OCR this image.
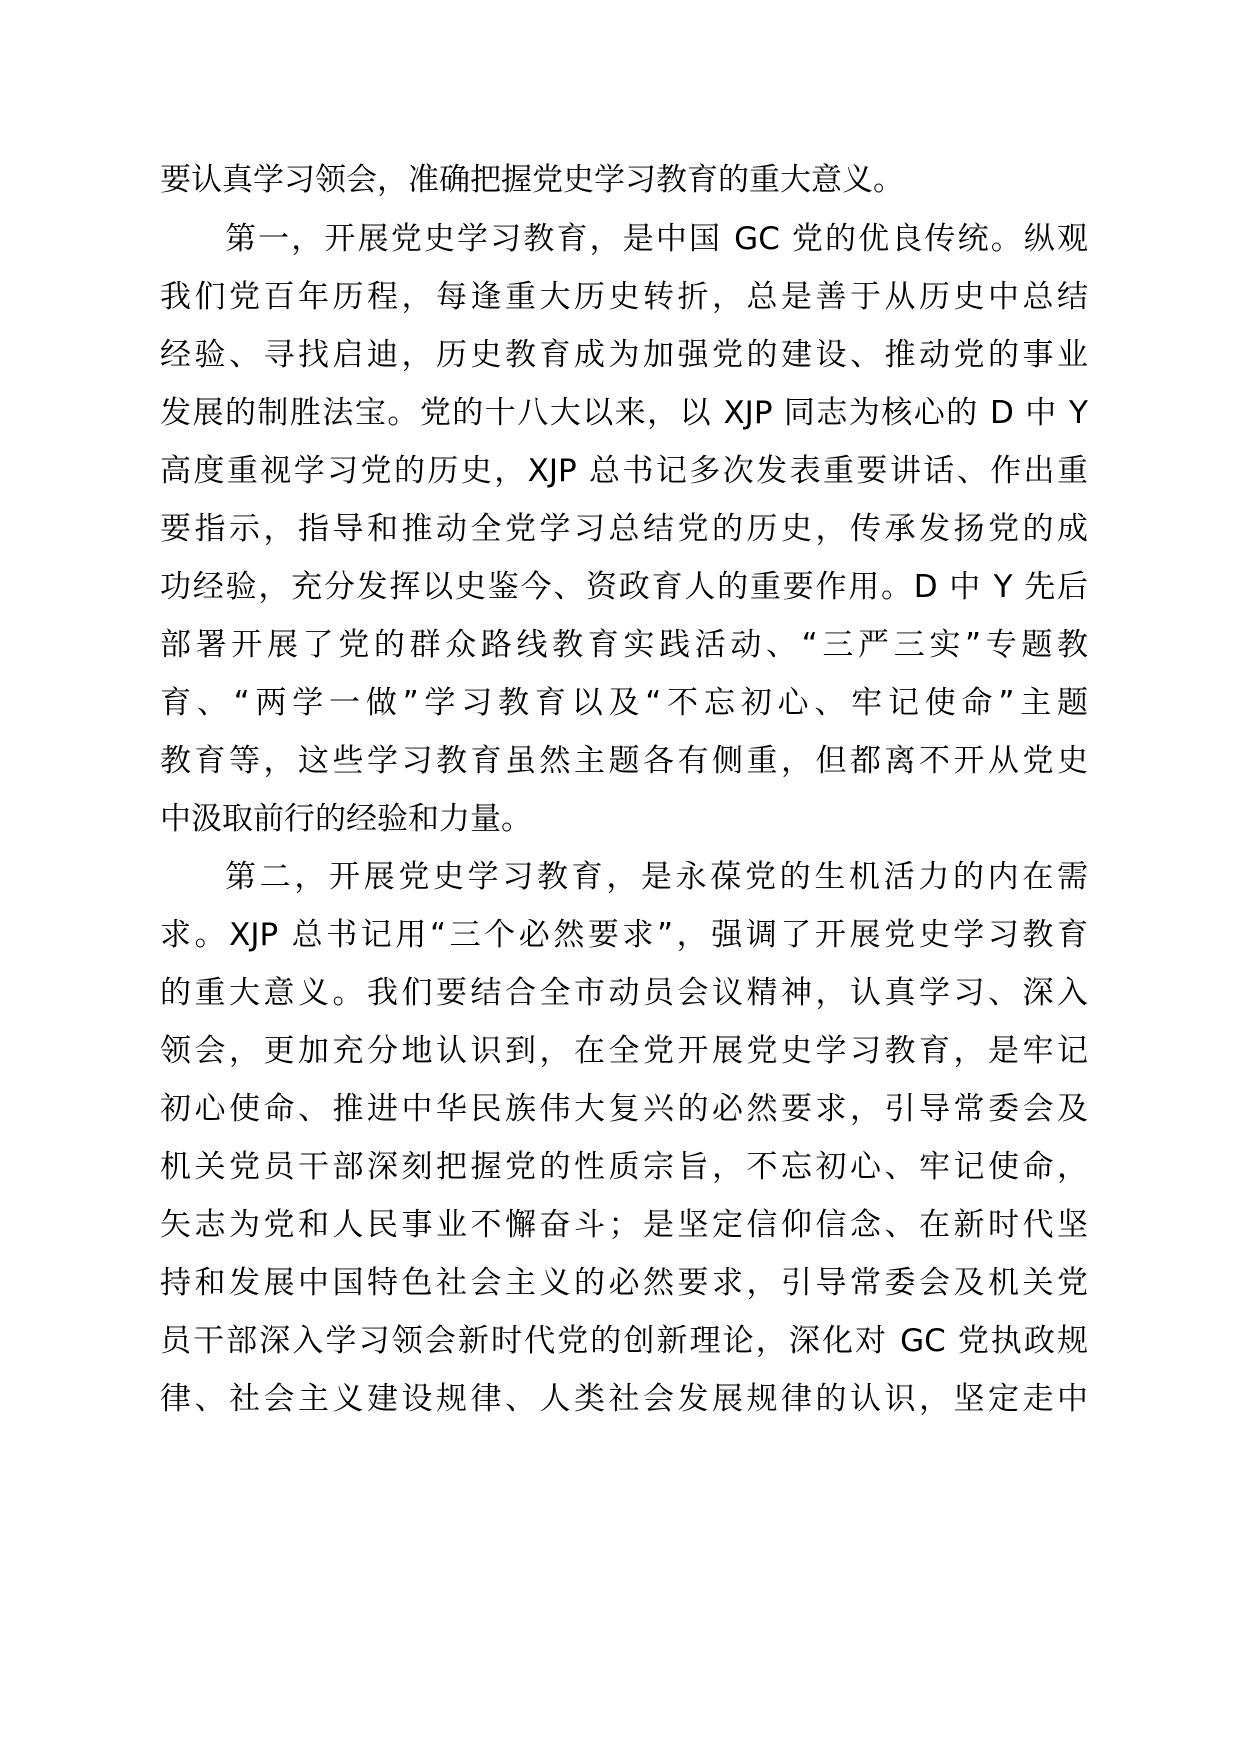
要认真学习领会，准确把握党史学习教育的重大意义。
第一，开展党史学习教育，是中国 GC 党的优良传统。纵观
我们党百年历程，每逢重大历史转折，总是善于从历史中总结
经验、寻找启迪，历史教育成为加强党的建设、推动党的事业
发展的制胜法宝。党的十八大以来，以 XJP 同志为核心的 D 中 Y
高度重视学习党的历史，XJP 总书记多次发表重要讲话、作出重
要指示，指导和推动全党学习总结党的历史，传承发扬党的成
功经验，充分发挥以史鉴今、资政育人的重要作用。D 中 Y 先后
部署开展了党的群众路线教育实践活动、“三严三实”专题教
育、“两学一做”学习教育以及“不忘初心、牢记使命”主题
教育等，这些学习教育虽然主题各有侧重，但都离不开从党史
中汲取前行的经验和力量。
第二，开展党史学习教育，是永葆党的生机活力的内在需
求。XJP 总书记用“三个必然要求”，强调了开展党史学习教育
的重大意义。我们要结合全市动员会议精神，认真学习、深入
领会，更加充分地认识到，在全党开展党史学习教育，是牢记
初心使命、推进中华民族伟大复兴的必然要求，引导常委会及
机关党员干部深刻把握党的性质宗旨，不忘初心、牢记使命，
矢志为党和人民事业不懈奋斗；是坚定信仰信念、在新时代坚
持和发展中国特色社会主义的必然要求，引导常委会及机关党
员干部深入学习领会新时代党的创新理论，深化对 GC 党执政规
律、社会主义建设规律、人类社会发展规律的认识，坚定走中
